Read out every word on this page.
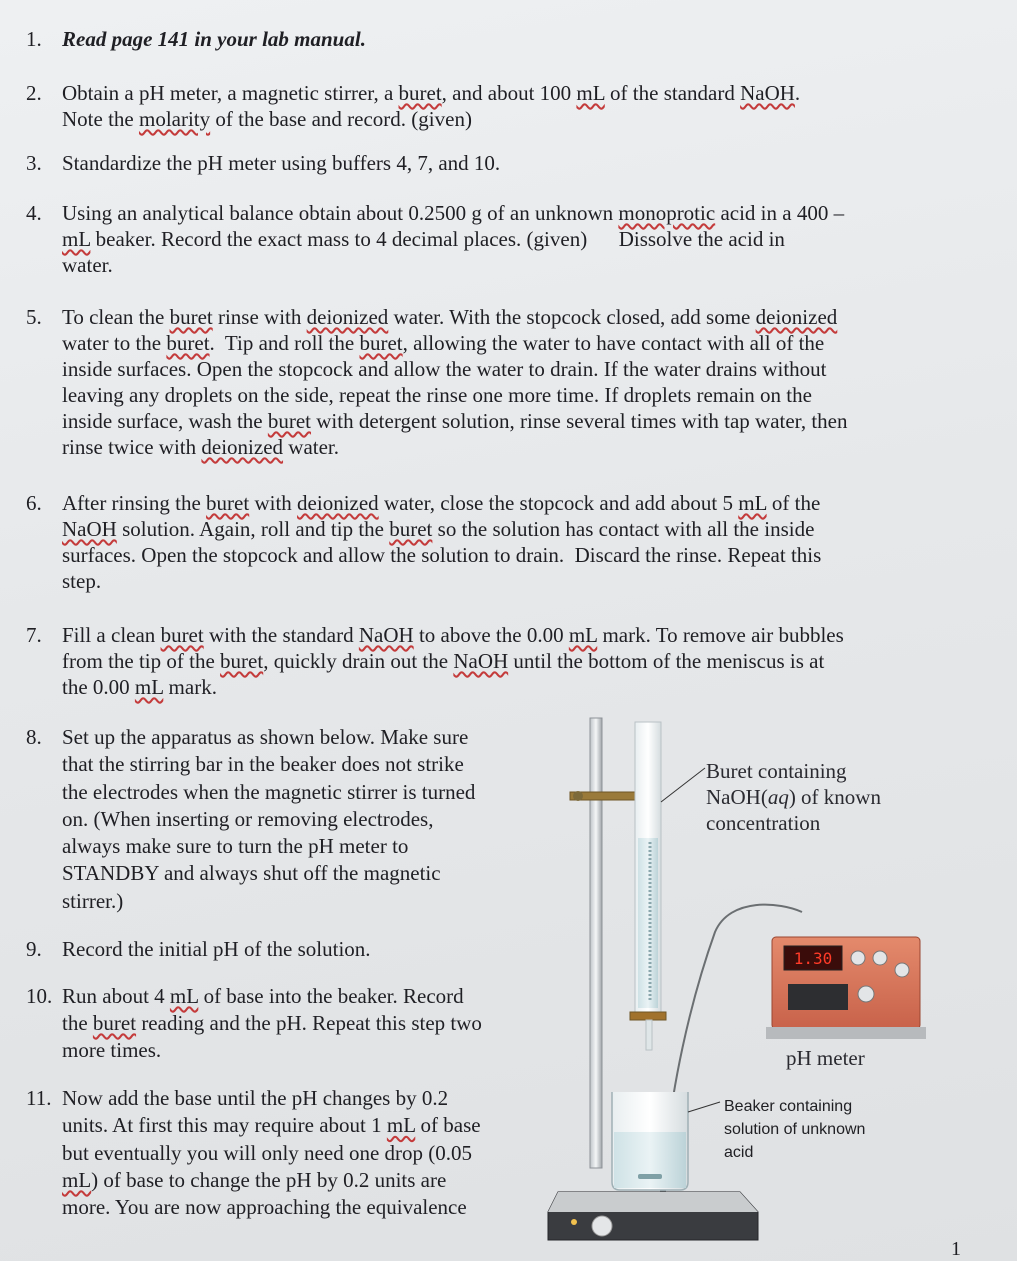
1. Read page 141 in your lab manual.
2. Obtain a pH meter, a magnetic stirrer, a buret, and about 100 mL of the standard NaOH.
Note the molarity of the base and record. (given)
3. Standardize the pH meter using buffers 4, 7, and 10.
4. Using an analytical balance obtain about 0.2500 g of an unknown monoprotic acid in a 400 –
mL beaker. Record the exact mass to 4 decimal places. (given)      Dissolve the acid in
water.
5. To clean the buret rinse with deionized water. With the stopcock closed, add some deionized
water to the buret.  Tip and roll the buret, allowing the water to have contact with all of the
inside surfaces. Open the stopcock and allow the water to drain. If the water drains without
leaving any droplets on the side, repeat the rinse one more time. If droplets remain on the
inside surface, wash the buret with detergent solution, rinse several times with tap water, then
rinse twice with deionized water.
6. After rinsing the buret with deionized water, close the stopcock and add about 5 mL of the
NaOH solution. Again, roll and tip the buret so the solution has contact with all the inside
surfaces. Open the stopcock and allow the solution to drain.  Discard the rinse. Repeat this
step.
7. Fill a clean buret with the standard NaOH to above the 0.00 mL mark. To remove air bubbles
from the tip of the buret, quickly drain out the NaOH until the bottom of the meniscus is at
the 0.00 mL mark.
8. Set up the apparatus as shown below. Make sure
that the stirring bar in the beaker does not strike
the electrodes when the magnetic stirrer is turned
on. (When inserting or removing electrodes,
always make sure to turn the pH meter to
STANDBY and always shut off the magnetic
stirrer.)
9. Record the initial pH of the solution.
10. Run about 4 mL of base into the beaker. Record
the buret reading and the pH. Repeat this step two
more times.
11. Now add the base until the pH changes by 0.2
units. At first this may require about 1 mL of base
but eventually you will only need one drop (0.05
mL) of base to change the pH by 0.2 units are
more. You are now approaching the equivalence
1.30
Buret containing
NaOH(aq) of known
concentration
pH meter
Beaker containing
solution of unknown
acid
1
